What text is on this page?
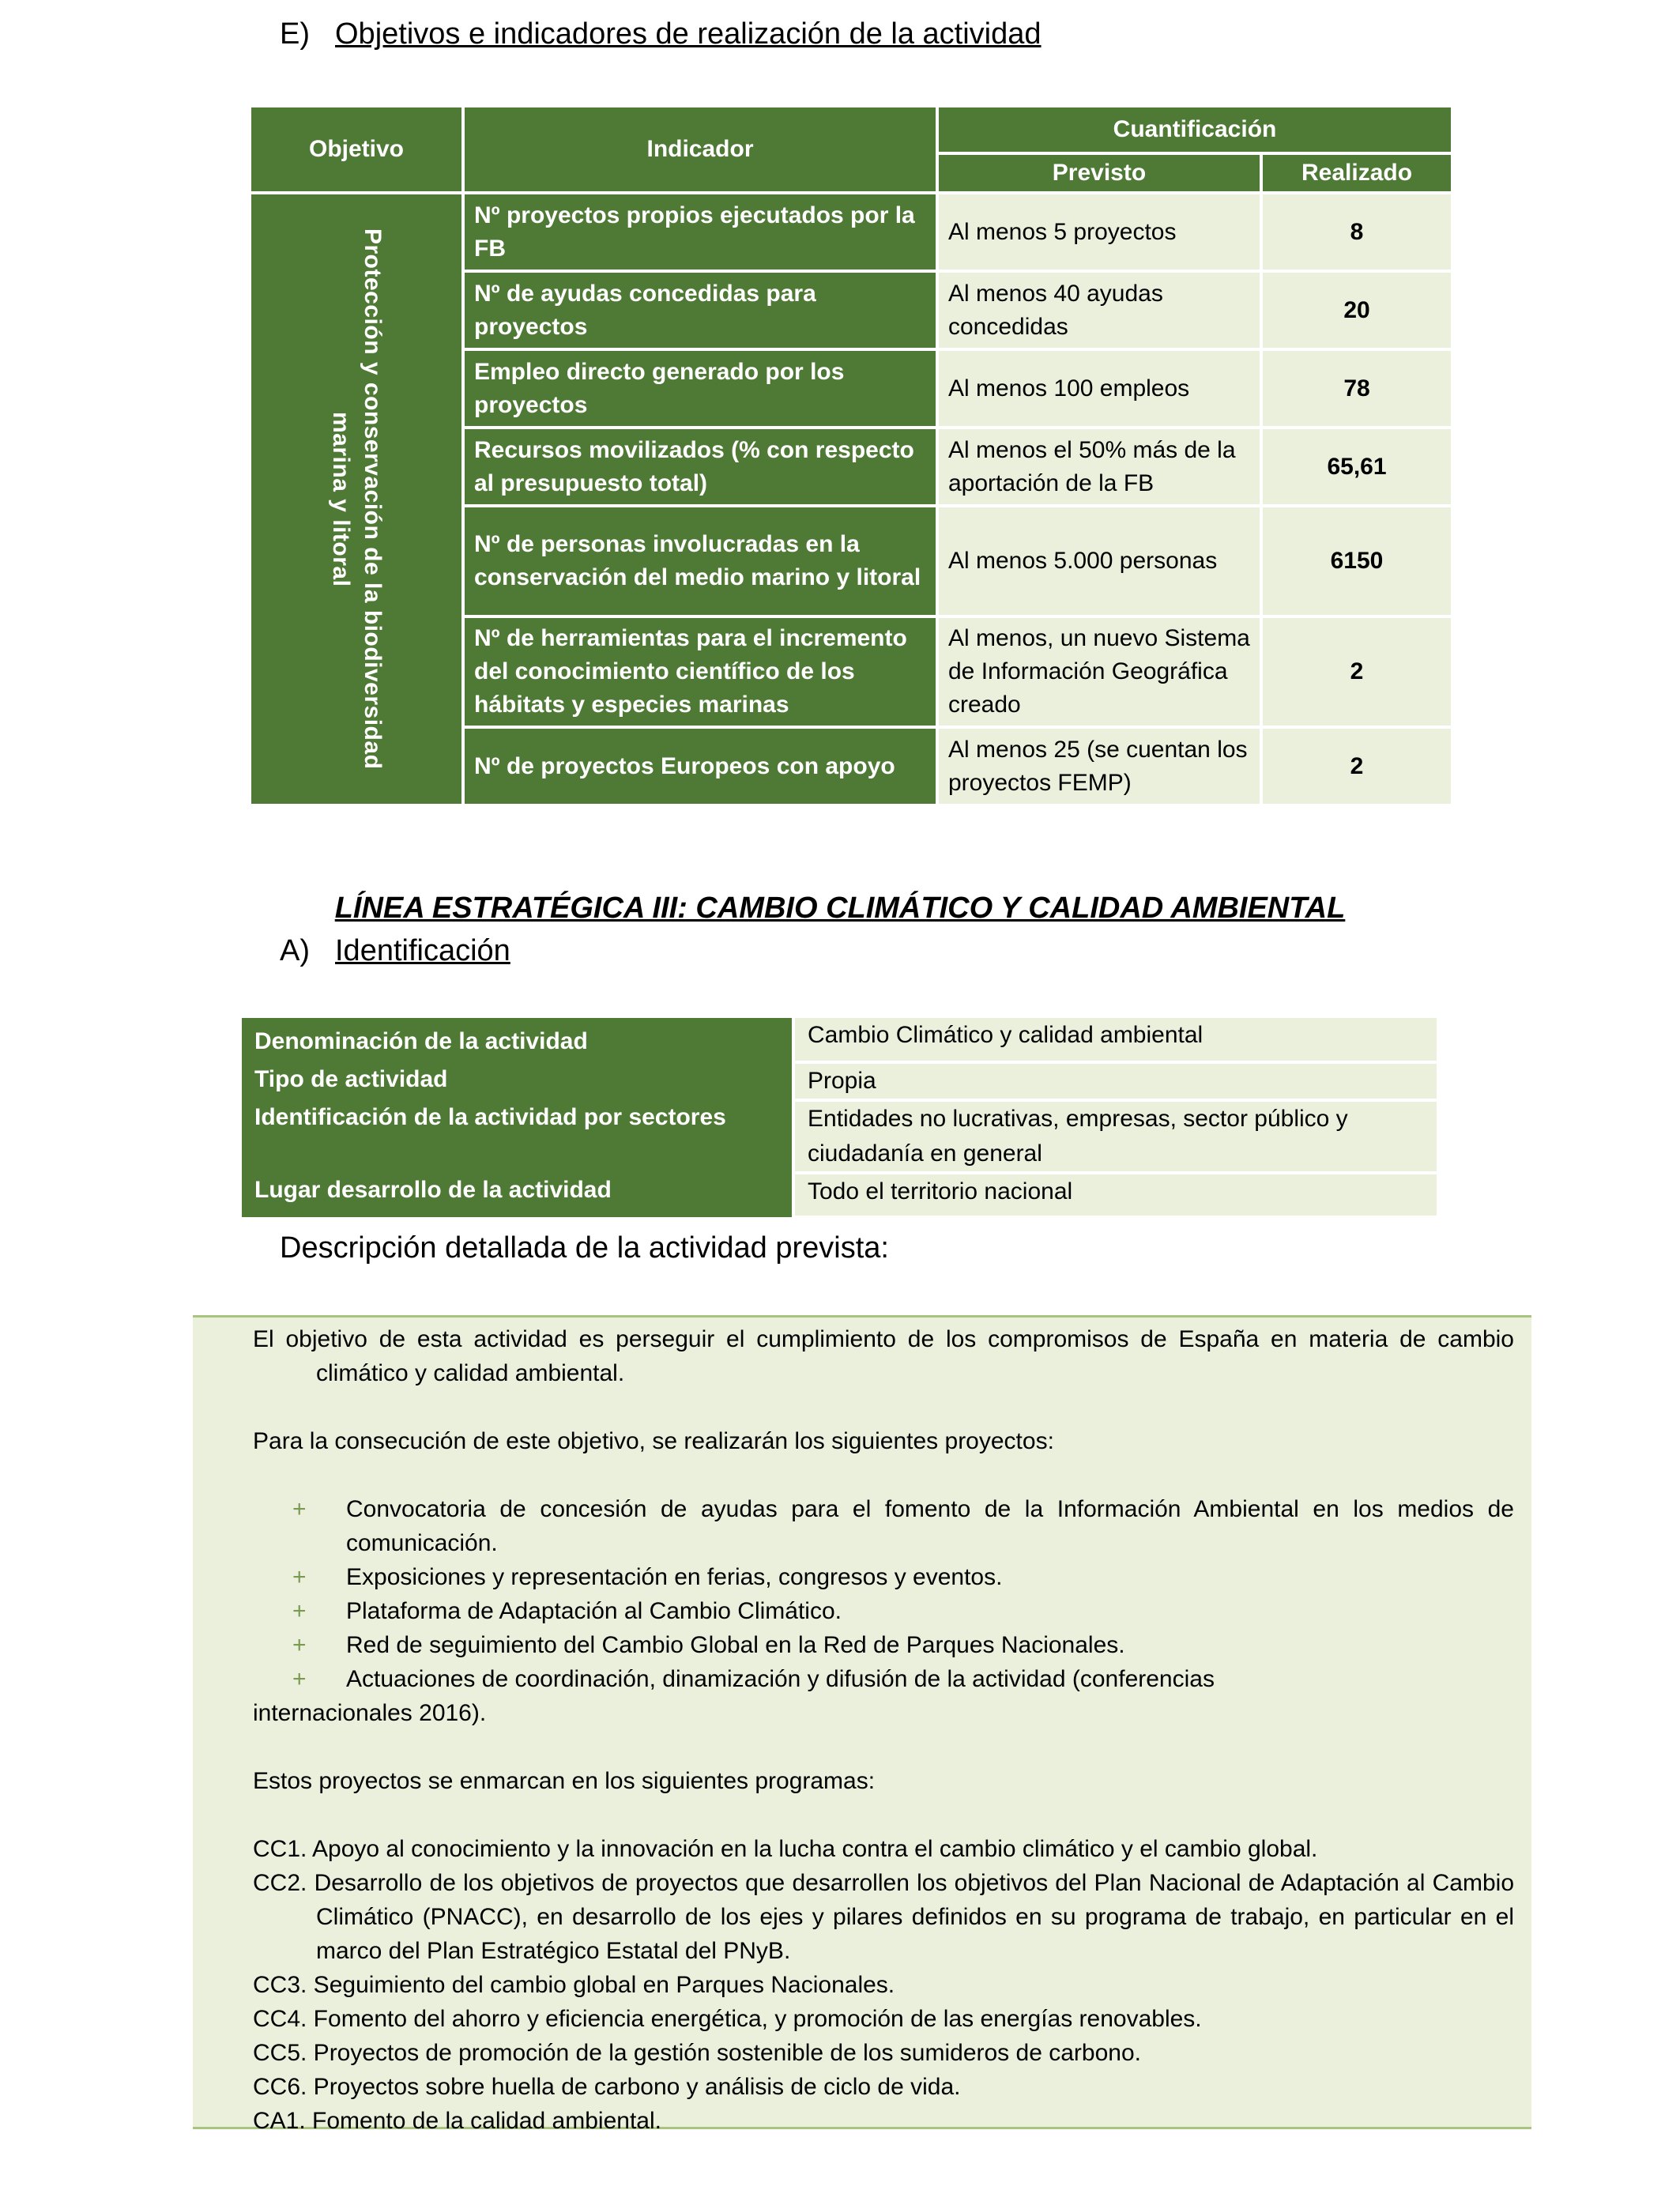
E) Objetivos e indicadores de realización de la actividad
Objetivo	Indicador	Cuantificación	
		Previsto	Realizado

Protección y conservación de la biodiversidad marina y litoral	Nº proyectos propios ejecutados por la FB	Al menos 5 proyectos	8
	Nº de ayudas concedidas para proyectos	Al menos 40 ayudas concedidas	20
	Empleo directo generado por los proyectos	Al menos 100 empleos	78
	Recursos movilizados (% con respecto al presupuesto total)	Al menos el 50% más de la aportación de la FB	65,61
	Nº de personas involucradas en la conservación del medio marino y litoral	Al menos 5.000 personas	6150
	Nº de herramientas para el incremento del conocimiento científico de los hábitats y especies marinas	Al menos, un nuevo Sistema de Información Geográfica creado	2
	Nº de proyectos Europeos con apoyo	Al menos 25 (se cuentan los proyectos FEMP)	2
LÍNEA ESTRATÉGICA III: CAMBIO CLIMÁTICO Y CALIDAD AMBIENTAL
A) Identificación
Denominación de la actividad	Cambio Climático y calidad ambiental
Tipo de actividad	Propia
Identificación de la actividad por sectores	Entidades no lucrativas, empresas, sector público y ciudadanía en general
Lugar desarrollo de la actividad	Todo el territorio nacional
Descripción detallada de la actividad prevista:

El objetivo de esta actividad es perseguir el cumplimiento de los compromisos de España en materia de cambio climático y calidad ambiental.

Para la consecución de este objetivo, se realizarán los siguientes proyectos:

+ Convocatoria de concesión de ayudas para el fomento de la Información Ambiental en los medios de comunicación.

+ Exposiciones y representación en ferias, congresos y eventos.

+ Plataforma de Adaptación al Cambio Climático.

+ Red de seguimiento del Cambio Global en la Red de Parques Nacionales.

+ Actuaciones de coordinación, dinamización y difusión de la actividad (conferencias internacionales 2016).

Estos proyectos se enmarcan en los siguientes programas:

CC1. Apoyo al conocimiento y la innovación en la lucha contra el cambio climático y el cambio global.

CC2. Desarrollo de los objetivos de proyectos que desarrollen los objetivos del Plan Nacional de Adaptación al Cambio Climático (PNACC), en desarrollo de los ejes y pilares definidos en su programa de trabajo, en particular en el marco del Plan Estratégico Estatal del PNyB.

CC3. Seguimiento del cambio global en Parques Nacionales.

CC4. Fomento del ahorro y eficiencia energética, y promoción de las energías renovables.

CC5. Proyectos de promoción de la gestión sostenible de los sumideros de carbono.

CC6. Proyectos sobre huella de carbono y análisis de ciclo de vida.

CA1. Fomento de la calidad ambiental.
